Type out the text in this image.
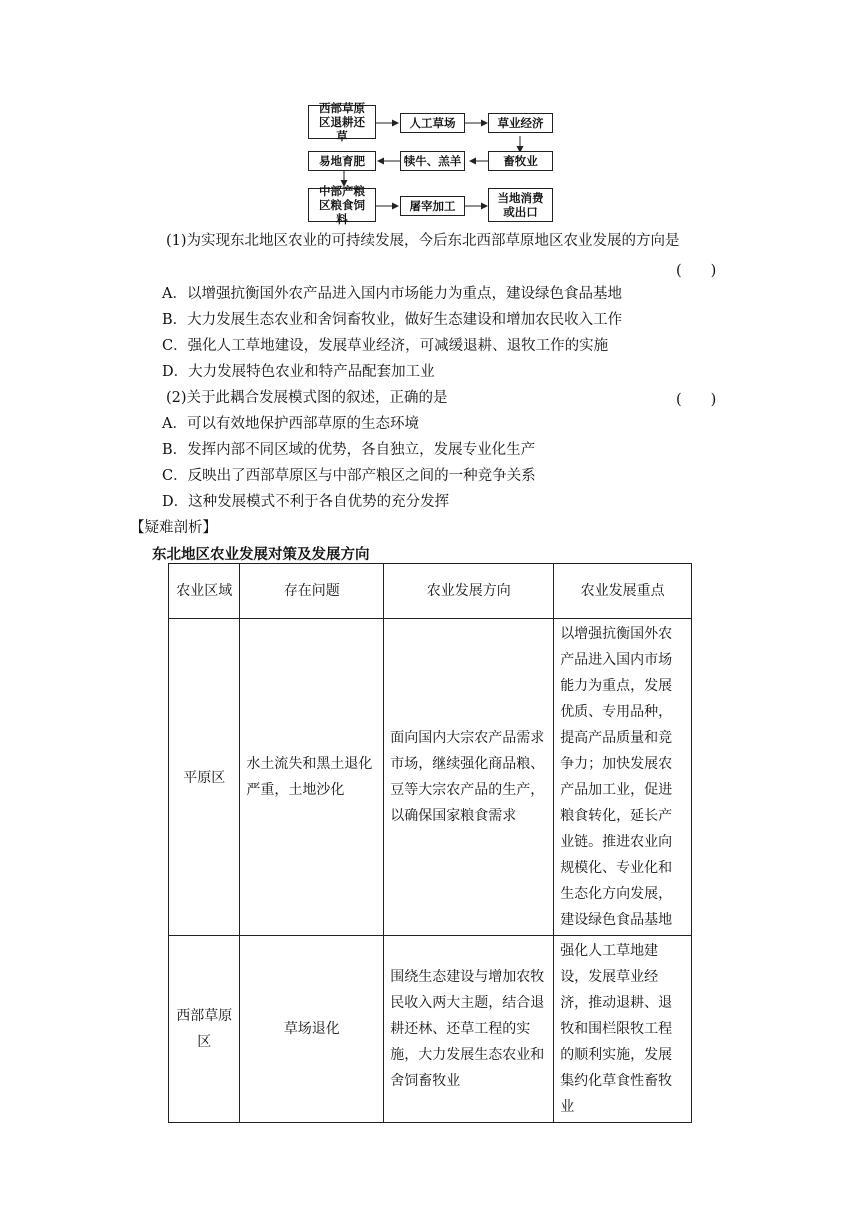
西部草原区退耕还草
人工草场	草业经济
易地育肥	犊牛、羔羊	畜牧业
中部产粮区粮食饲料
屠宰加工
当地消费或出口
(1)为实现东北地区农业的可持续发展，今后东北西部草原地区农业发展的方向是
(　　)
A．以增强抗衡国外农产品进入国内市场能力为重点，建设绿色食品基地
B．大力发展生态农业和舍饲畜牧业，做好生态建设和增加农民收入工作
C．强化人工草地建设，发展草业经济，可减缓退耕、退牧工作的实施
D．大力发展特色农业和特产品配套加工业
(2)关于此耦合发展模式图的叙述，正确的是	(　　)
A．可以有效地保护西部草原的生态环境
B．发挥内部不同区域的优势，各自独立，发展专业化生产
C．反映出了西部草原区与中部产粮区之间的一种竞争关系
D．这种发展模式不利于各自优势的充分发挥
【疑难剖析】
东北地区农业发展对策及发展方向
农业区域	存在问题	农业发展方向	农业发展重点
平原区	水土流失和黑土退化严重，土地沙化	面向国内大宗农产品需求市场，继续强化商品粮、豆等大宗农产品的生产，以确保国家粮食需求	以增强抗衡国外农产品进入国内市场能力为重点，发展优质、专用品种，提高产品质量和竞争力；加快发展农产品加工业，促进粮食转化，延长产业链。推进农业向规模化、专业化和生态化方向发展，建设绿色食品基地
西部草原区	草场退化	围绕生态建设与增加农牧民收入两大主题，结合退耕还林、还草工程的实施，大力发展生态农业和舍饲畜牧业	强化人工草地建设，发展草业经济，推动退耕、退牧和围栏限牧工程的顺利实施，发展集约化草食性畜牧业
